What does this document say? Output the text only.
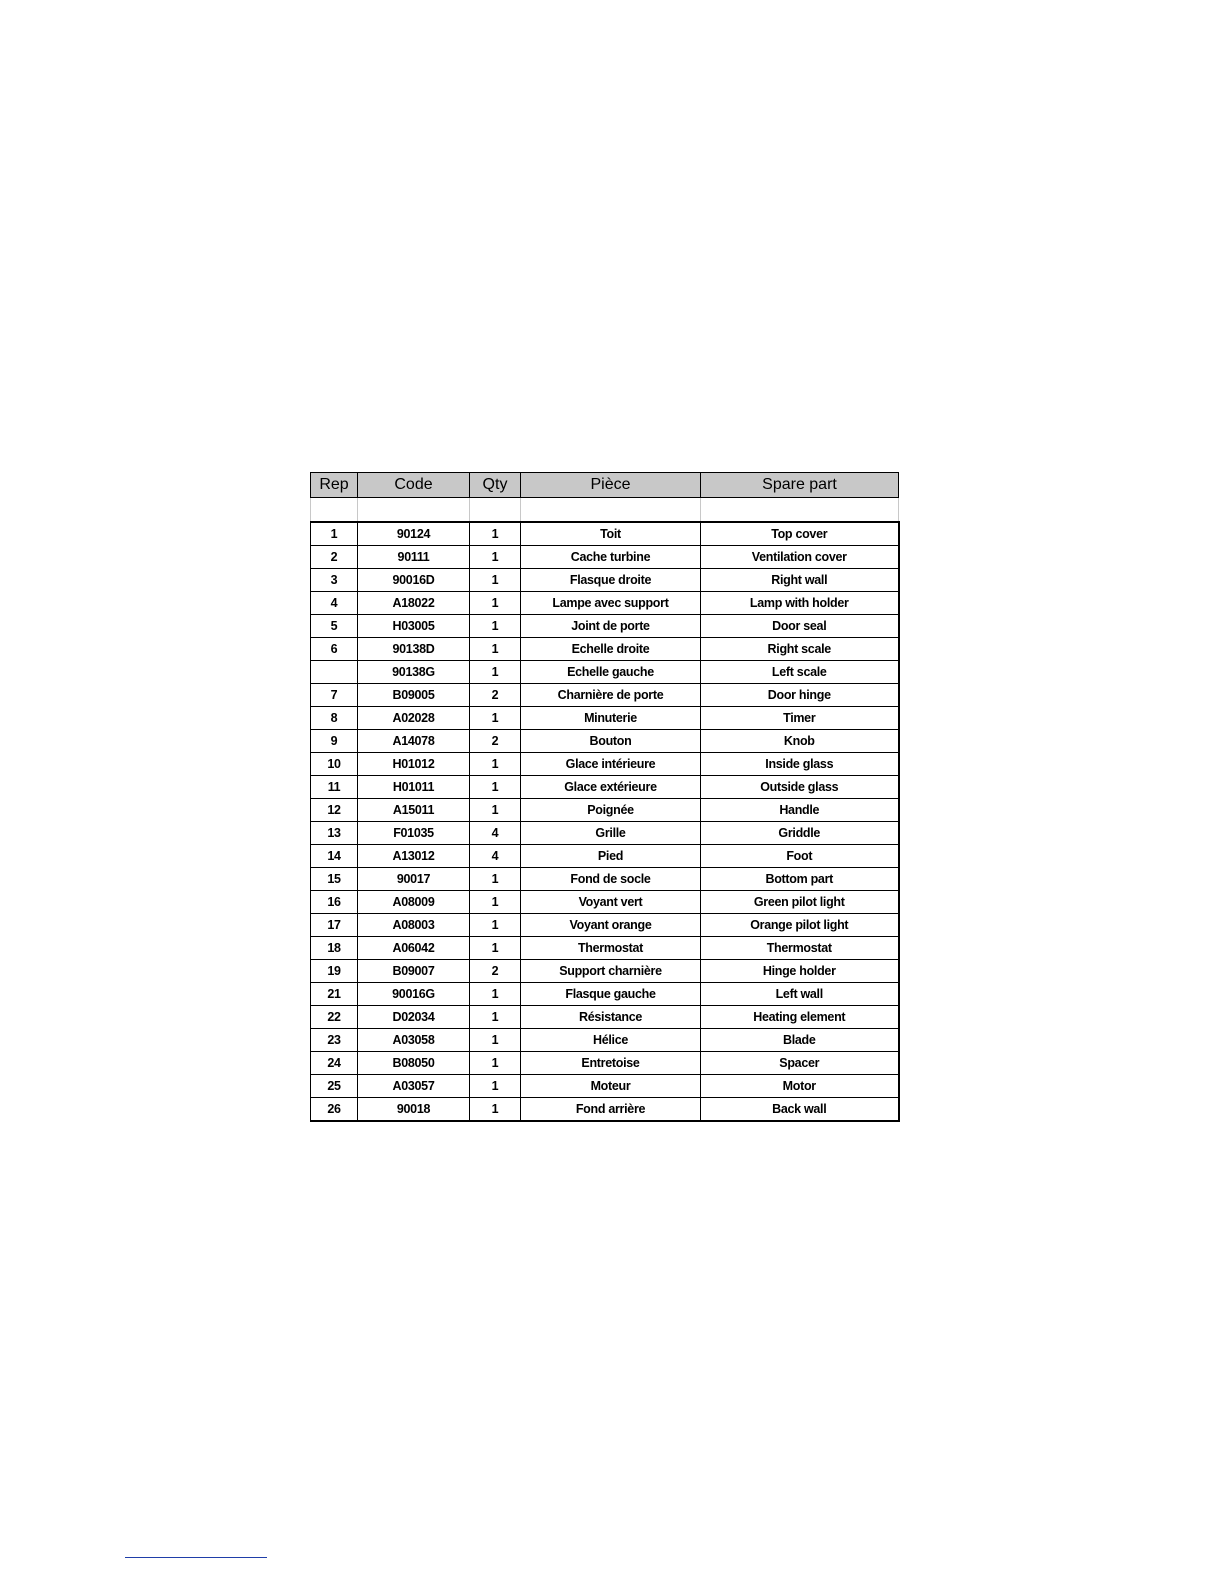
Rep	Code	Qty	Pièce	Spare part

1	90124	1	Toit	Top cover
2	90111	1	Cache turbine	Ventilation cover
3	90016D	1	Flasque droite	Right wall
4	A18022	1	Lampe avec support	Lamp with holder
5	H03005	1	Joint de porte	Door seal
6	90138D	1	Echelle droite	Right scale
	90138G	1	Echelle gauche	Left scale
7	B09005	2	Charnière de porte	Door hinge
8	A02028	1	Minuterie	Timer
9	A14078	2	Bouton	Knob
10	H01012	1	Glace intérieure	Inside glass
11	H01011	1	Glace extérieure	Outside glass
12	A15011	1	Poignée	Handle
13	F01035	4	Grille	Griddle
14	A13012	4	Pied	Foot
15	90017	1	Fond de socle	Bottom part
16	A08009	1	Voyant vert	Green pilot light
17	A08003	1	Voyant orange	Orange pilot light
18	A06042	1	Thermostat	Thermostat
19	B09007	2	Support charnière	Hinge holder
21	90016G	1	Flasque gauche	Left wall
22	D02034	1	Résistance	Heating element
23	A03058	1	Hélice	Blade
24	B08050	1	Entretoise	Spacer
25	A03057	1	Moteur	Motor
26	90018	1	Fond arrière	Back wall
